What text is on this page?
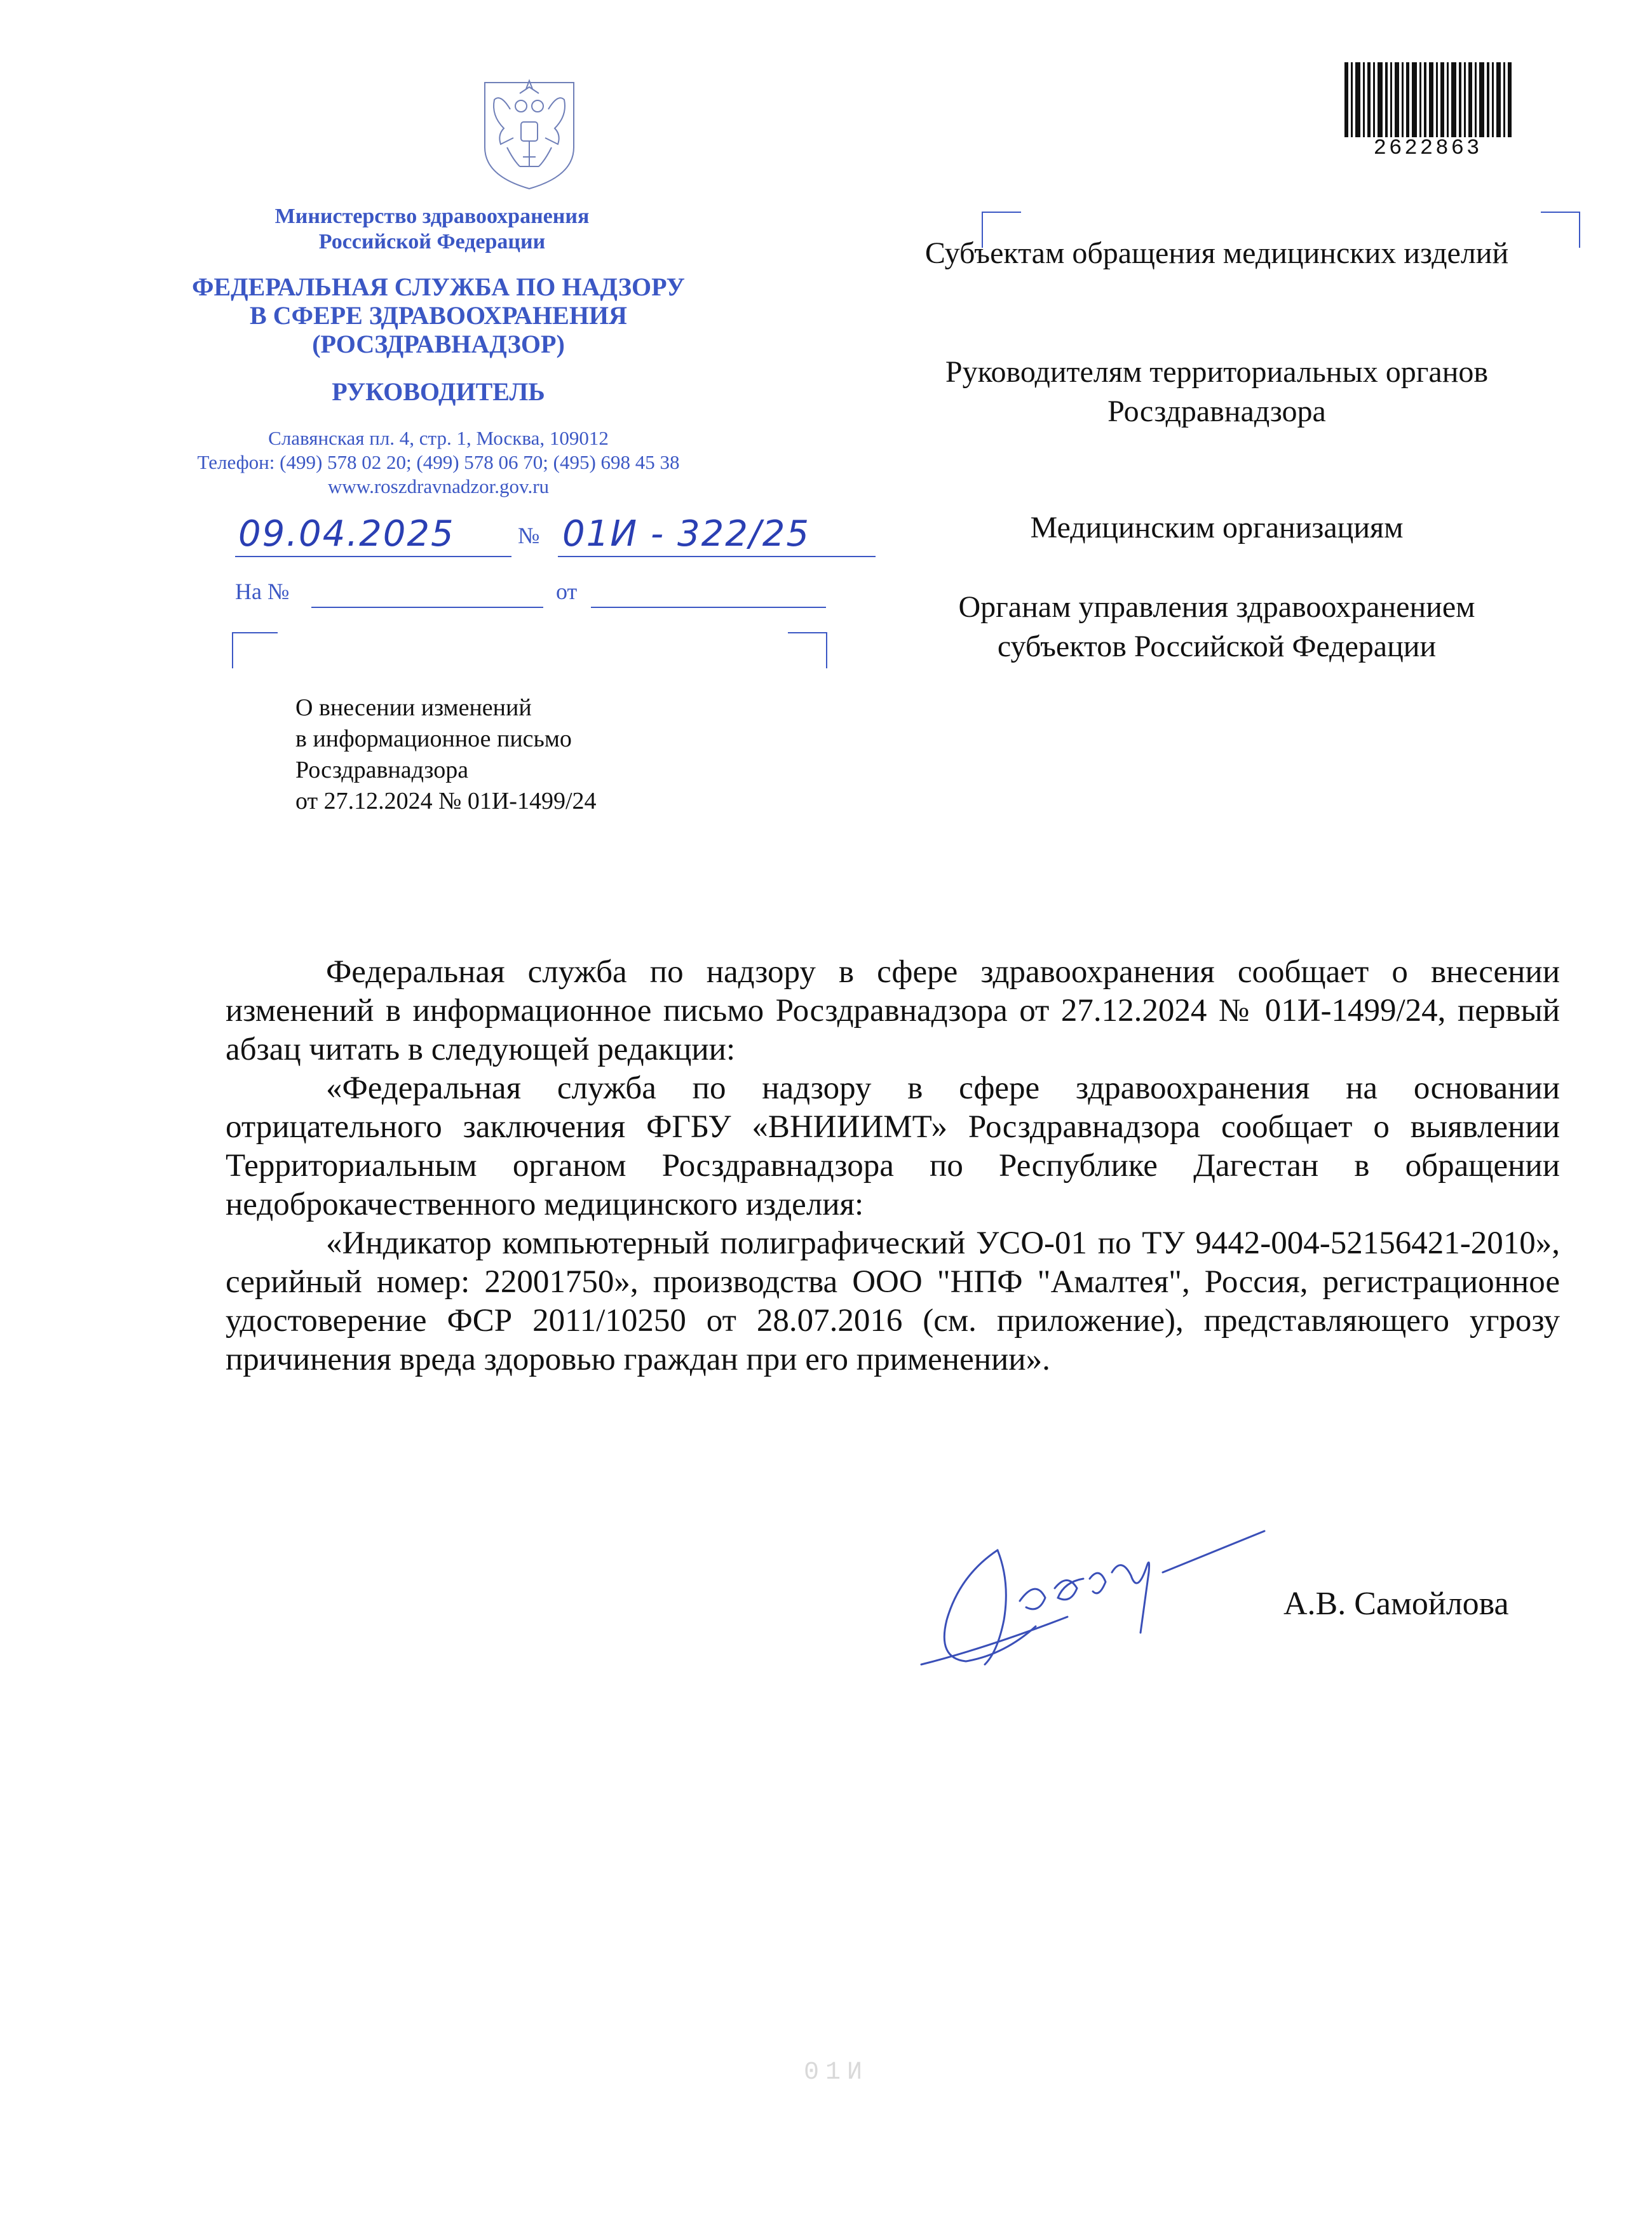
2622863
Министерство здравоохранения
Российской Федерации
ФЕДЕРАЛЬНАЯ СЛУЖБА ПО НАДЗОРУ
В СФЕРЕ ЗДРАВООХРАНЕНИЯ
(РОСЗДРАВНАДЗОР)
РУКОВОДИТЕЛЬ
Славянская пл. 4, стр. 1, Москва, 109012
Телефон: (499) 578 02 20; (499) 578 06 70; (495) 698 45 38
www.roszdravnadzor.gov.ru
09.04.2025	№ 01И - 322/25
На №	от
Субъектам обращения медицинских изделий
Руководителям территориальных органов Росздравнадзора
Медицинским организациям
Органам управления здравоохранением субъектов Российской Федерации
О внесении изменений
в информационное письмо
Росздравнадзора
от 27.12.2024 № 01И-1499/24

Федеральная служба по надзору в сфере здравоохранения сообщает о внесении изменений в информационное письмо Росздравнадзора от 27.12.2024 № 01И-1499/24, первый абзац читать в следующей редакции:

«Федеральная служба по надзору в сфере здравоохранения на основании отрицательного заключения ФГБУ «ВНИИИМТ» Росздравнадзора сообщает о выявлении Территориальным органом Росздравнадзора по Республике Дагестан в обращении недоброкачественного медицинского изделия:

«Индикатор компьютерный полиграфический УСО-01 по ТУ 9442-004-52156421-2010», серийный номер: 22001750», производства ООО "НПФ "Амалтея", Россия, регистрационное удостоверение ФСР 2011/10250 от 28.07.2016 (см. приложение), представляющего угрозу причинения вреда здоровью граждан при его применении».

А.В. Самойлова
01И
